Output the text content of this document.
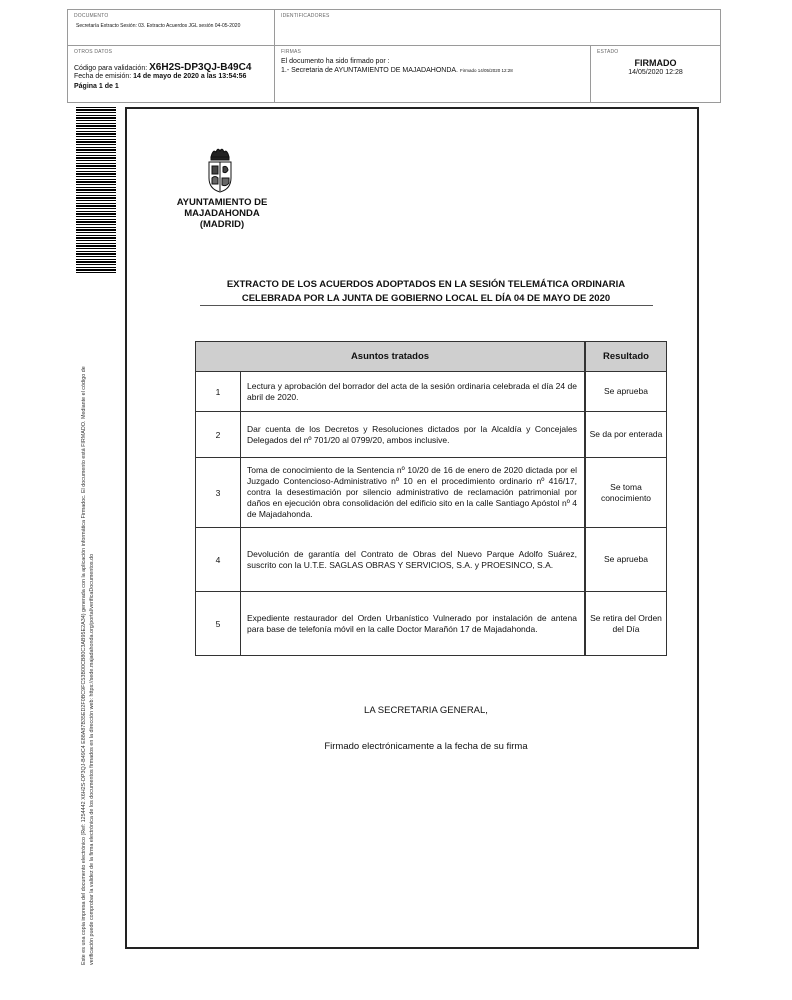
DOCUMENTO
Secretaría Extracto Sesión: 03. Extracto Acuerdos JGL sesión 04-05-2020
IDENTIFICADORES
OTROS DATOS
Código para validación: X6H2S-DP3QJ-B49C4
Fecha de emisión: 14 de mayo de 2020 a las 13:54:56
Página 1 de 1
FIRMAS
El documento ha sido firmado por :
1.- Secretaria de AYUNTAMIENTO DE MAJADAHONDA. Firmado 14/05/2020 12:28
ESTADO
FIRMADO
14/05/2020 12:28
Este es una copia impresa del documento electrónico (Ref: 1254442 X6H2S-DP3QJ-B49C4 E88A87B35ED2F0BC9FC53B00CB80C3AB95E2A34) generada con la aplicación informática Firmadoc. El documento está FIRMADO. Mediante el código de verificación puede comprobar la validez de la firma electrónica de los documentos firmados en la dirección web: https://sede.majadahonda.org/portal/verificaDocumentos.do
AYUNTAMIENTO DE
MAJADAHONDA

(MADRID)
EXTRACTO DE LOS ACUERDOS ADOPTADOS EN LA SESIÓN TELEMÁTICA ORDINARIA
CELEBRADA POR LA JUNTA DE GOBIERNO LOCAL EL DÍA 04 DE MAYO DE 2020
Asuntos tratados		Resultado
1	Lectura y aprobación del borrador del acta de la sesión ordinaria celebrada el día 24 de abril de 2020.	Se aprueba
2	Dar cuenta de los Decretos y Resoluciones dictados por la Alcaldía y Concejales Delegados del nº 701/20 al 0799/20, ambos inclusive.	Se da por enterada
3	Toma de conocimiento de la Sentencia nº 10/20 de 16 de enero de 2020 dictada por el Juzgado Contencioso-Administrativo nº 10 en el procedimiento ordinario nº 416/17, contra la desestimación por silencio administrativo de reclamación patrimonial por daños en ejecución obra consolidación del edificio sito en la calle Santiago Apóstol nº 4 de Majadahonda.	Se toma conocimiento
4	Devolución de garantía del Contrato de Obras del Nuevo Parque Adolfo Suárez, suscrito con la U.T.E. SAGLAS OBRAS Y SERVICIOS, S.A. y PROESINCO, S.A.	Se aprueba
5	Expediente restaurador del Orden Urbanístico Vulnerado por instalación de antena para base de telefonía móvil en la calle Doctor Marañón 17 de Majadahonda.	Se retira del Orden del Día
LA SECRETARIA GENERAL,
Firmado electrónicamente a la fecha de su firma
